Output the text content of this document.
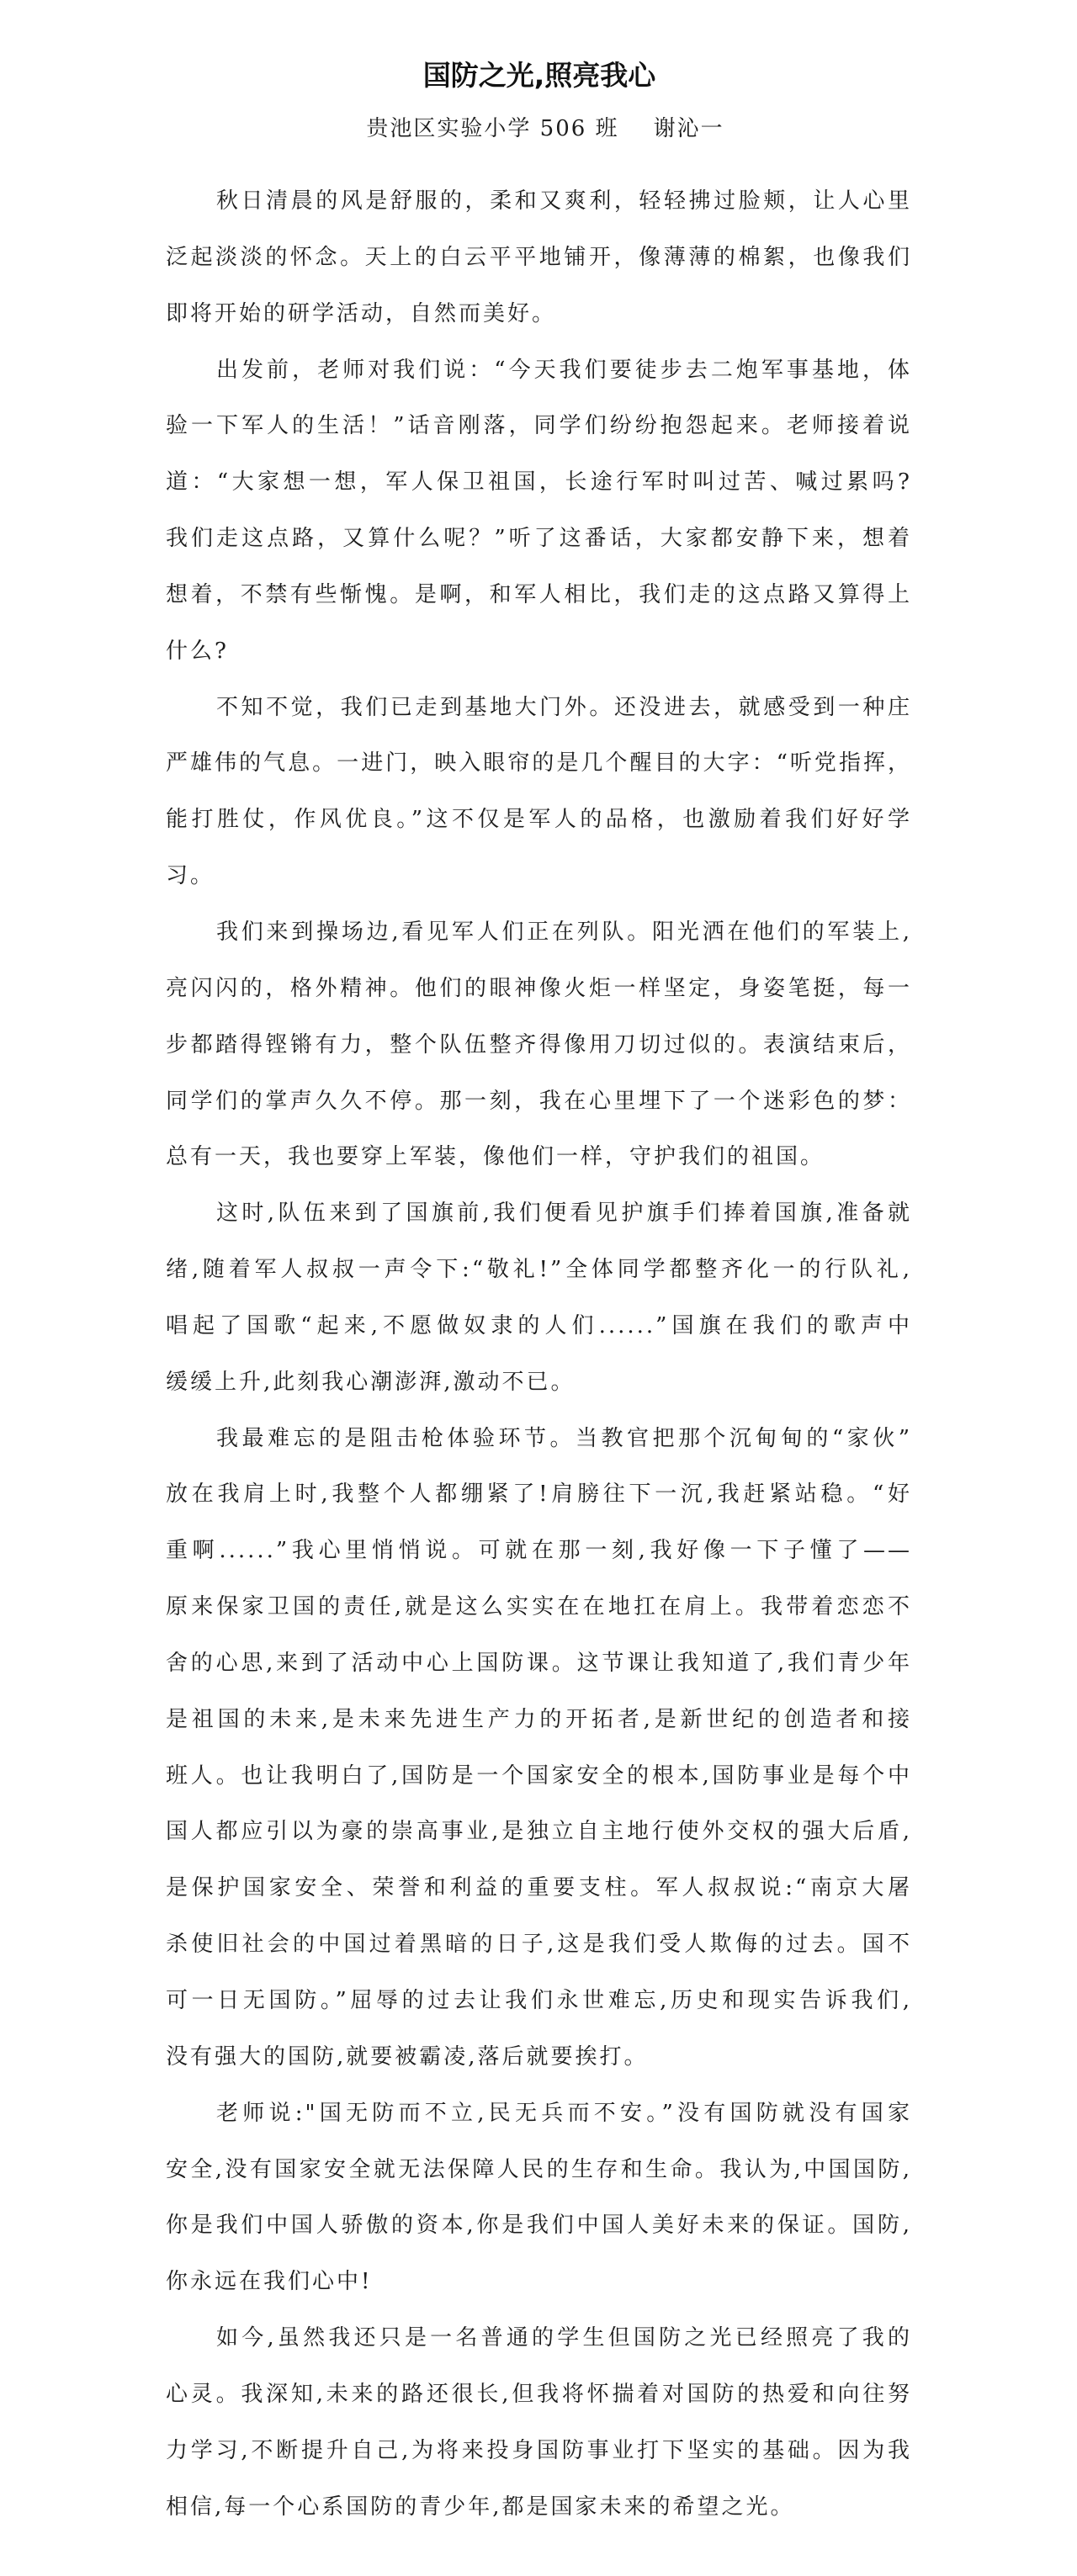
国防之光,照亮我心
贵池区实验小学 506 班    谢沁一
秋日清晨的风是舒服的，柔和又爽利，轻轻拂过脸颊，让人心里
泛起淡淡的怀念。天上的白云平平地铺开，像薄薄的棉絮，也像我们
即将开始的研学活动，自然而美好。
出发前，老师对我们说：“今天我们要徒步去二炮军事基地，体
验一下军人的生活！”话音刚落，同学们纷纷抱怨起来。老师接着说
道：“大家想一想，军人保卫祖国，长途行军时叫过苦、喊过累吗?
我们走这点路，又算什么呢？”听了这番话，大家都安静下来，想着
想着，不禁有些惭愧。是啊，和军人相比，我们走的这点路又算得上
什么?
不知不觉，我们已走到基地大门外。还没进去，就感受到一种庄
严雄伟的气息。一进门，映入眼帘的是几个醒目的大字：“听党指挥，
能打胜仗，作风优良。”这不仅是军人的品格，也激励着我们好好学
习。
我们来到操场边,看见军人们正在列队。阳光洒在他们的军装上,
亮闪闪的，格外精神。他们的眼神像火炬一样坚定，身姿笔挺，每一
步都踏得铿锵有力，整个队伍整齐得像用刀切过似的。表演结束后，
同学们的掌声久久不停。那一刻，我在心里埋下了一个迷彩色的梦：
总有一天，我也要穿上军装，像他们一样，守护我们的祖国。
这时,队伍来到了国旗前,我们便看见护旗手们捧着国旗,准备就
绪,随着军人叔叔一声令下:“敬礼!”全体同学都整齐化一的行队礼,
唱起了国歌“起来,不愿做奴隶的人们......”国旗在我们的歌声中
缓缓上升,此刻我心潮澎湃,激动不已。
我最难忘的是阻击枪体验环节。当教官把那个沉甸甸的“家伙”
放在我肩上时,我整个人都绷紧了!肩膀往下一沉,我赶紧站稳。“好
重啊......”我心里悄悄说。可就在那一刻,我好像一下子懂了——
原来保家卫国的责任,就是这么实实在在地扛在肩上。我带着恋恋不
舍的心思,来到了活动中心上国防课。这节课让我知道了,我们青少年
是祖国的未来,是未来先进生产力的开拓者,是新世纪的创造者和接
班人。也让我明白了,国防是一个国家安全的根本,国防事业是每个中
国人都应引以为豪的崇高事业,是独立自主地行使外交权的强大后盾,
是保护国家安全、荣誉和利益的重要支柱。军人叔叔说:“南京大屠
杀使旧社会的中国过着黑暗的日子,这是我们受人欺侮的过去。国不
可一日无国防。”屈辱的过去让我们永世难忘,历史和现实告诉我们,
没有强大的国防,就要被霸凌,落后就要挨打。
老师说:"国无防而不立,民无兵而不安。”没有国防就没有国家
安全,没有国家安全就无法保障人民的生存和生命。我认为,中国国防,
你是我们中国人骄傲的资本,你是我们中国人美好未来的保证。国防,
你永远在我们心中!
如今,虽然我还只是一名普通的学生但国防之光已经照亮了我的
心灵。我深知,未来的路还很长,但我将怀揣着对国防的热爱和向往努
力学习,不断提升自己,为将来投身国防事业打下坚实的基础。因为我
相信,每一个心系国防的青少年,都是国家未来的希望之光。
